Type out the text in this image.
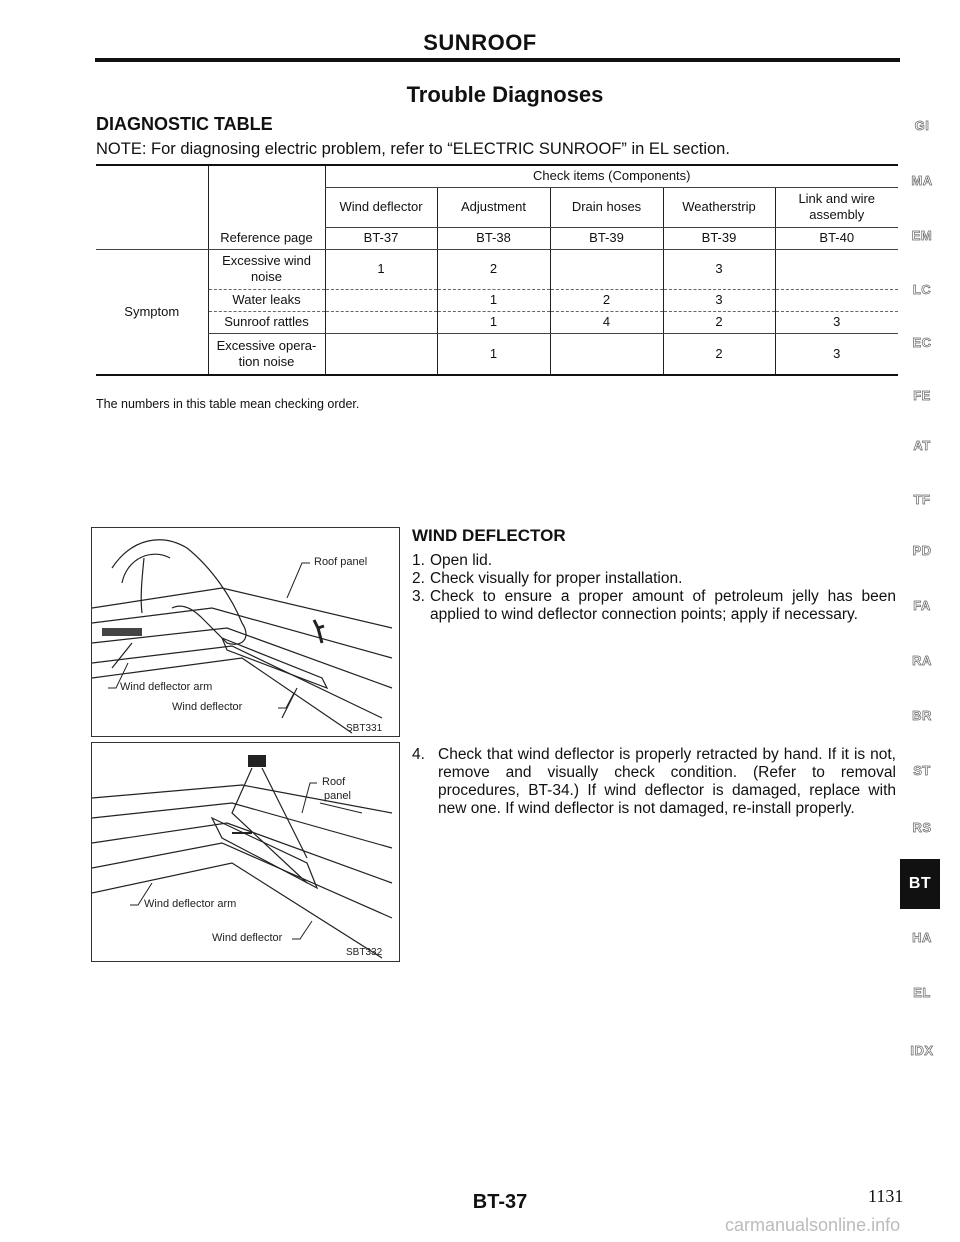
SUNROOF
Trouble Diagnoses
DIAGNOSTIC TABLE
NOTE: For diagnosing electric problem, refer to “ELECTRIC SUNROOF” in EL section.
		Check items (Components)				
		Wind deflector	Adjustment	Drain hoses	Weatherstrip	Link and wire assembly
	Reference page	BT-37	BT-38	BT-39	BT-39	BT-40
Symptom	Excessive wind noise	1	2		3	
	Water leaks		1	2	3	
	Sunroof rattles		1	4	2	3
	Excessive opera-tion noise		1		2	3
The numbers in this table mean checking order.
Roof panel
Wind deflector arm
Wind deflector
SBT331
Roof
panel
Wind deflector arm
Wind deflector
SBT332
WIND DEFLECTOR
1. Open lid.
2. Check visually for proper installation.
3. Check to ensure a proper amount of petroleum jelly has been applied to wind deflector connection points; apply if necessary.
4. Check that wind deflector is properly retracted by hand. If it is not, remove and visually check condition. (Refer to removal procedures, BT-34.) If wind deflector is damaged, replace with new one. If wind deflector is not damaged, re-install properly.
GI
MA
EM
LC
EC
FE
AT
TF
PD
FA
RA
BR
ST
RS
BT
HA
EL
IDX
BT-37	1131
carmanualsonline.info
